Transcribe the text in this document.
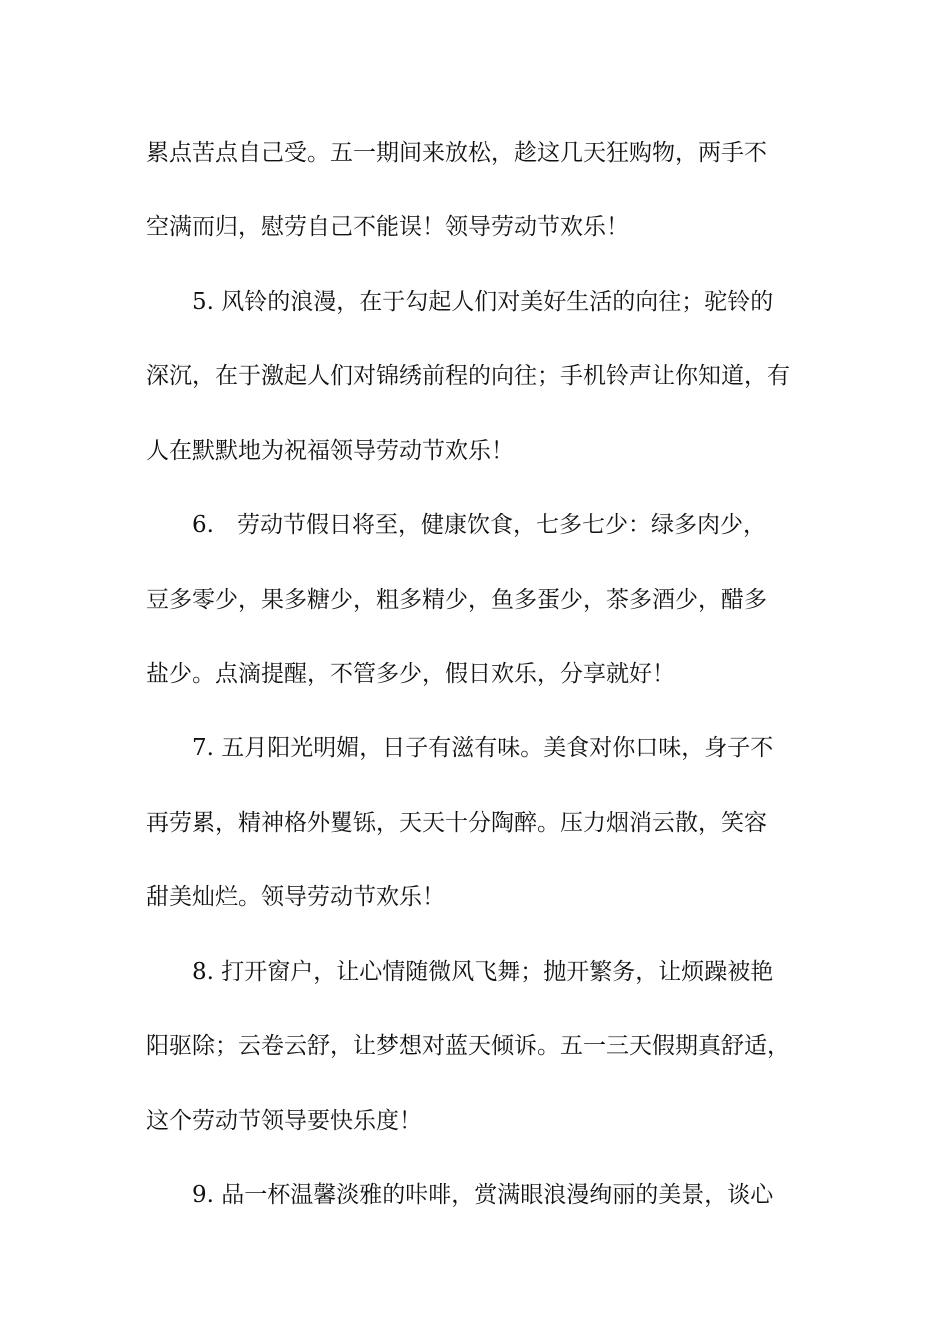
累点苦点自己受。五一期间来放松，趁这几天狂购物，两手不
空满而归，慰劳自己不能误！领导劳动节欢乐！
5. 风铃的浪漫，在于勾起人们对美好生活的向往；驼铃的
深沉，在于激起人们对锦绣前程的向往；手机铃声让你知道，有
人在默默地为祝福领导劳动节欢乐！
6.　劳动节假日将至，健康饮食，七多七少：绿多肉少，
豆多零少，果多糖少，粗多精少，鱼多蛋少，茶多酒少，醋多
盐少。点滴提醒，不管多少，假日欢乐，分享就好！
7. 五月阳光明媚，日子有滋有味。美食对你口味，身子不
再劳累，精神格外矍铄，天天十分陶醉。压力烟消云散，笑容
甜美灿烂。领导劳动节欢乐！
8. 打开窗户，让心情随微风飞舞；抛开繁务，让烦躁被艳
阳驱除；云卷云舒，让梦想对蓝天倾诉。五一三天假期真舒适，
这个劳动节领导要快乐度！
9. 品一杯温馨淡雅的咔啡，赏满眼浪漫绚丽的美景，谈心
